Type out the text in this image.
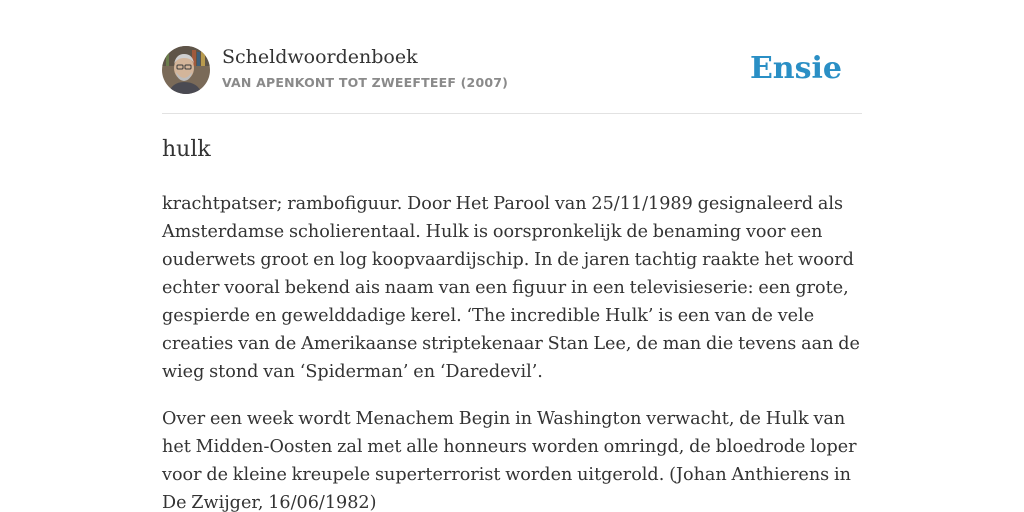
Scheldwoordenboek
VAN APENKONT TOT ZWEEFTEEF (2007)	Ensie
hulk

krachtpatser; rambofiguur. Door Het Parool van 25/11/1989 gesignaleerd als Amsterdamse scholierentaal. Hulk is oorspronkelijk de benaming voor een ouderwets groot en log koopvaardijschip. In de jaren tachtig raakte het woord echter vooral bekend ais naam van een figuur in een televisieserie: een grote, gespierde en gewelddadige kerel. ‘The incredible Hulk’ is een van de vele creaties van de Amerikaanse striptekenaar Stan Lee, de man die tevens aan de wieg stond van ‘Spiderman’ en ‘Daredevil’.

Over een week wordt Menachem Begin in Washington verwacht, de Hulk van het Midden-Oosten zal met alle honneurs worden omringd, de bloedrode loper voor de kleine kreupele superterrorist worden uitgerold. (Johan Anthierens in De Zwijger, 16/06/1982)
